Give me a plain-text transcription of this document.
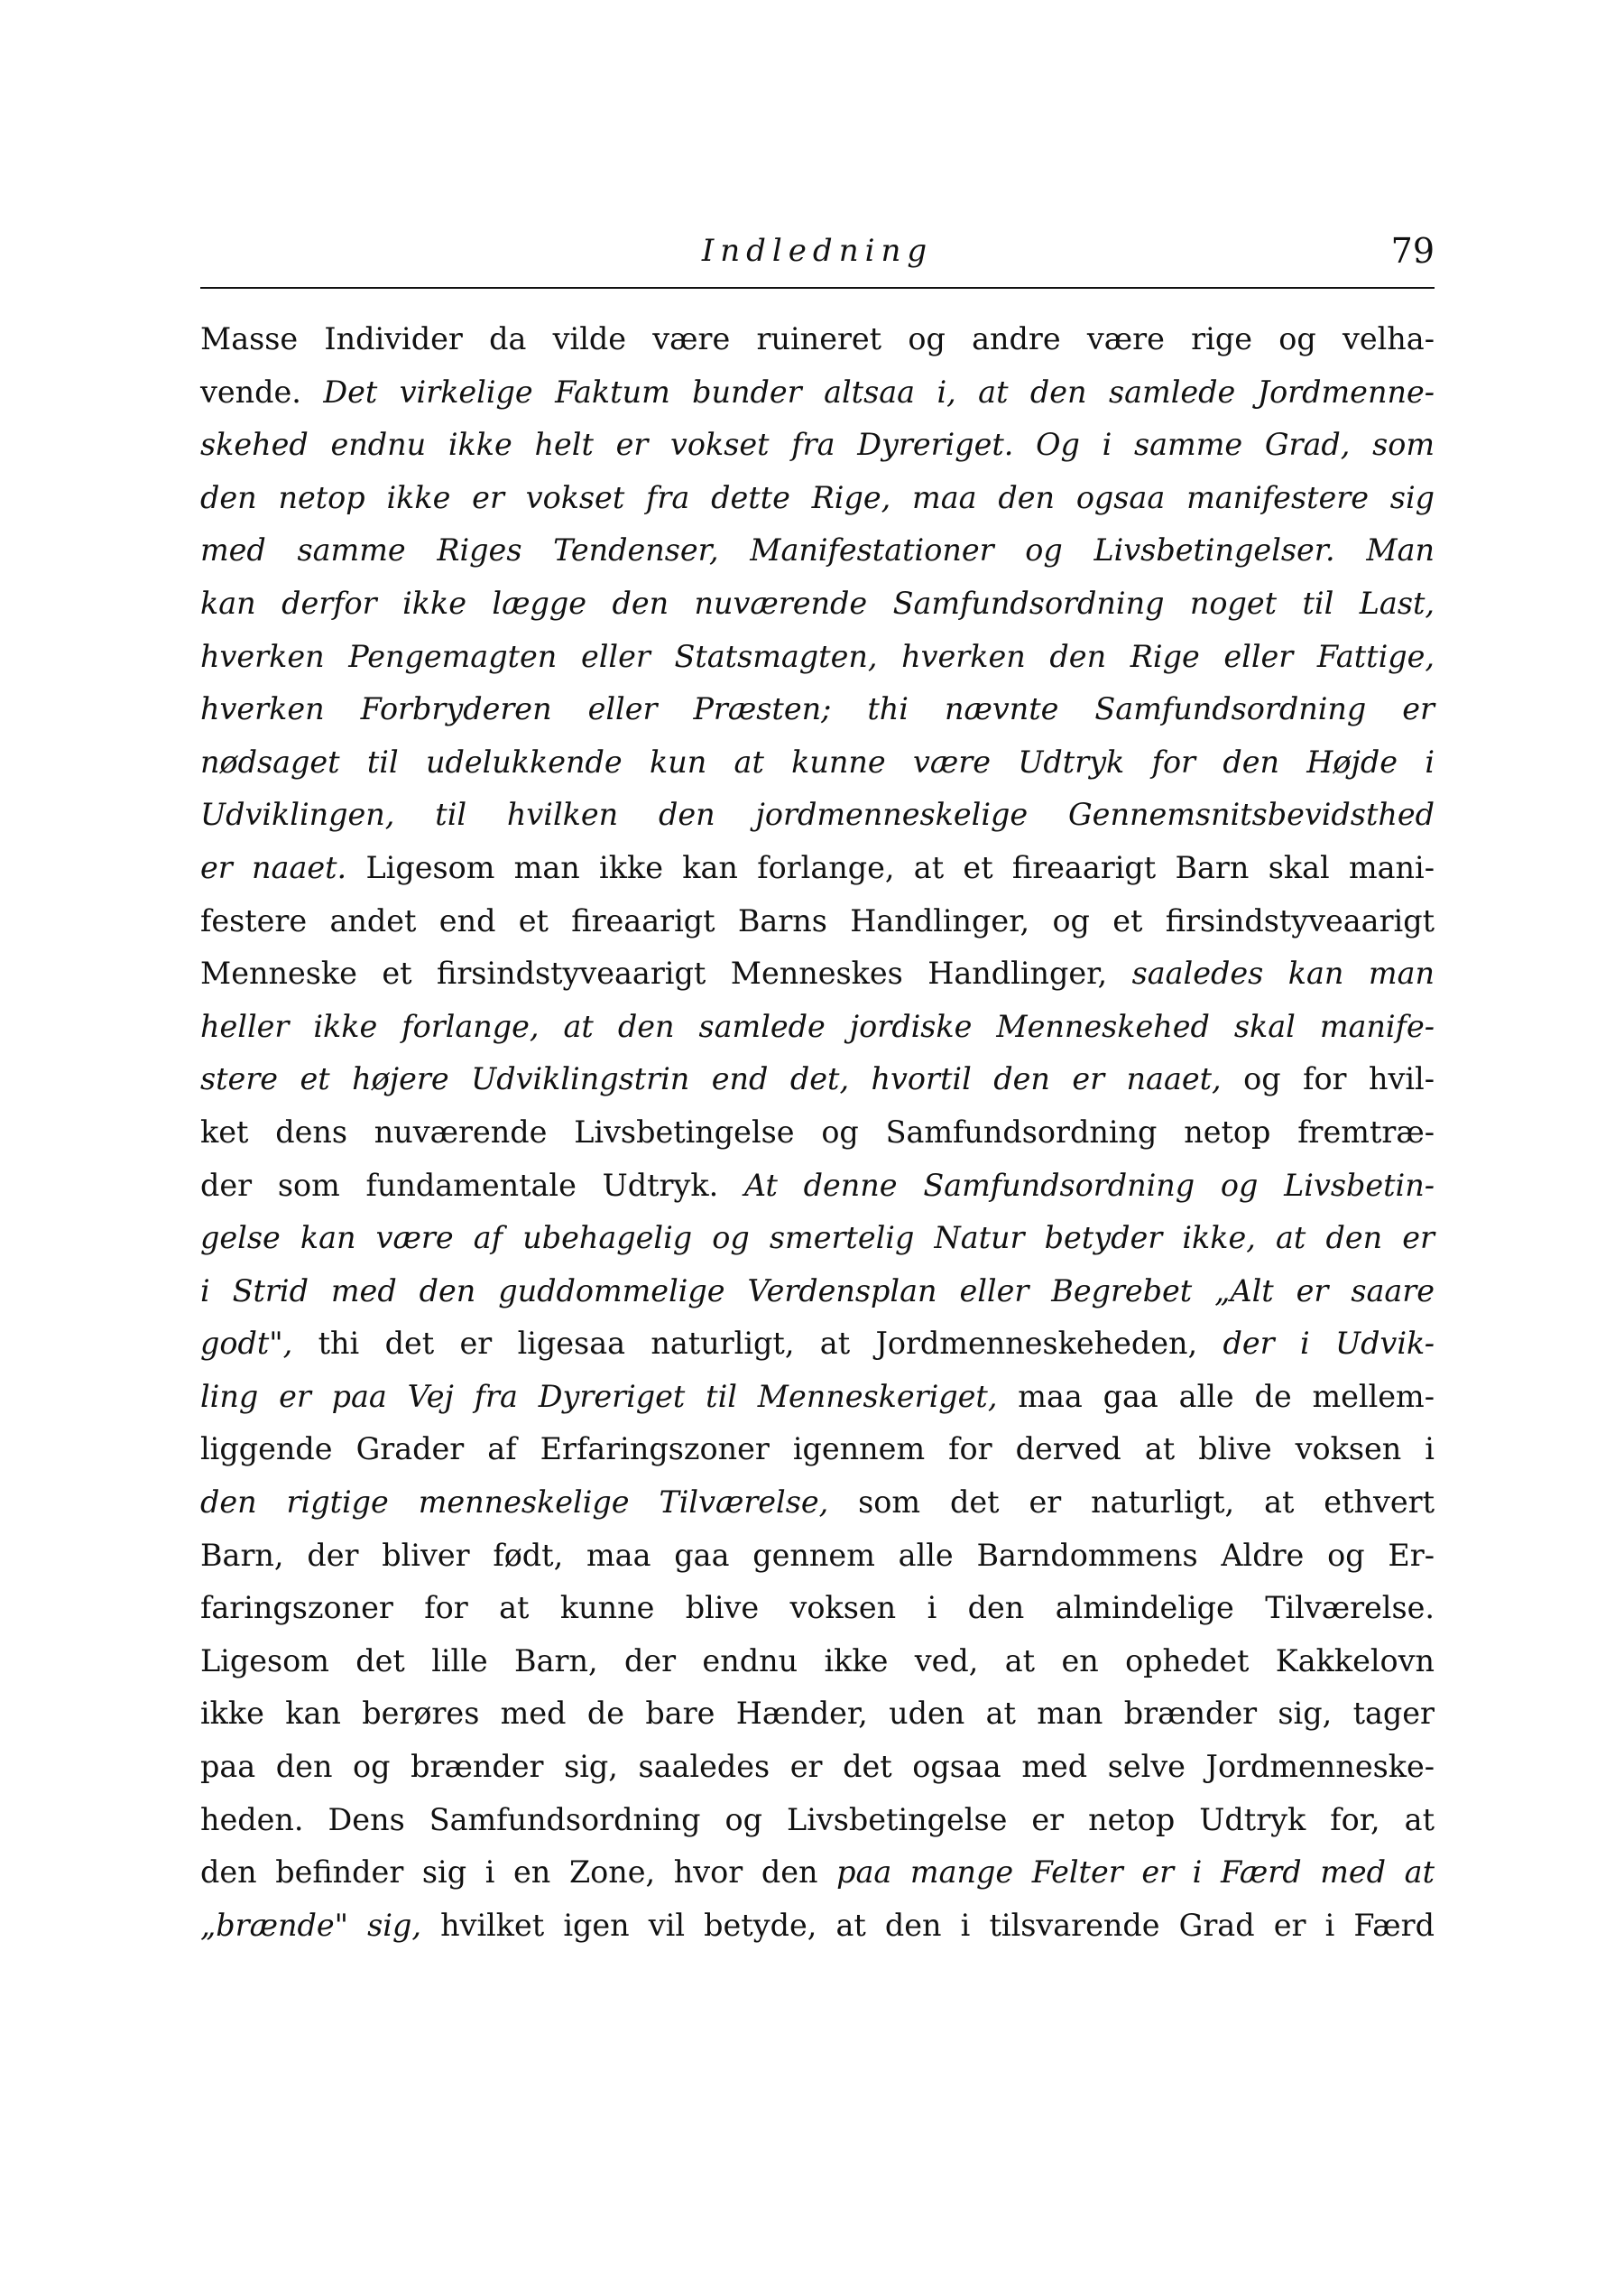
Indledning	79
Masse Individer da vilde være ruineret og andre være rige og velha-
vende. Det virkelige Faktum bunder altsaa i, at den samlede Jordmenne-
skehed endnu ikke helt er vokset fra Dyreriget. Og i samme Grad, som
den netop ikke er vokset fra dette Rige, maa den ogsaa manifestere sig
med samme Riges Tendenser, Manifestationer og Livsbetingelser. Man
kan derfor ikke lægge den nuværende Samfundsordning noget til Last,
hverken Pengemagten eller Statsmagten, hverken den Rige eller Fattige,
hverken Forbryderen eller Præsten; thi nævnte Samfundsordning er
nødsaget til udelukkende kun at kunne være Udtryk for den Højde i
Udviklingen, til hvilken den jordmenneskelige Gennemsnitsbevidsthed
er naaet. Ligesom man ikke kan forlange, at et fireaarigt Barn skal mani-
festere andet end et fireaarigt Barns Handlinger, og et firsindstyveaarigt
Menneske et firsindstyveaarigt Menneskes Handlinger, saaledes kan man
heller ikke forlange, at den samlede jordiske Menneskehed skal manife-
stere et højere Udviklingstrin end det, hvortil den er naaet, og for hvil-
ket dens nuværende Livsbetingelse og Samfundsordning netop fremtræ-
der som fundamentale Udtryk. At denne Samfundsordning og Livsbetin-
gelse kan være af ubehagelig og smertelig Natur betyder ikke, at den er
i Strid med den guddommelige Verdensplan eller Begrebet „Alt er saare
godt", thi det er ligesaa naturligt, at Jordmenneskeheden, der i Udvik-
ling er paa Vej fra Dyreriget til Menneskeriget, maa gaa alle de mellem-
liggende Grader af Erfaringszoner igennem for derved at blive voksen i
den rigtige menneskelige Tilværelse, som det er naturligt, at ethvert
Barn, der bliver født, maa gaa gennem alle Barndommens Aldre og Er-
faringszoner for at kunne blive voksen i den almindelige Tilværelse.
Ligesom det lille Barn, der endnu ikke ved, at en ophedet Kakkelovn
ikke kan berøres med de bare Hænder, uden at man brænder sig, tager
paa den og brænder sig, saaledes er det ogsaa med selve Jordmenneske-
heden. Dens Samfundsordning og Livsbetingelse er netop Udtryk for, at
den befinder sig i en Zone, hvor den paa mange Felter er i Færd med at
„brænde" sig, hvilket igen vil betyde, at den i tilsvarende Grad er i Færd
